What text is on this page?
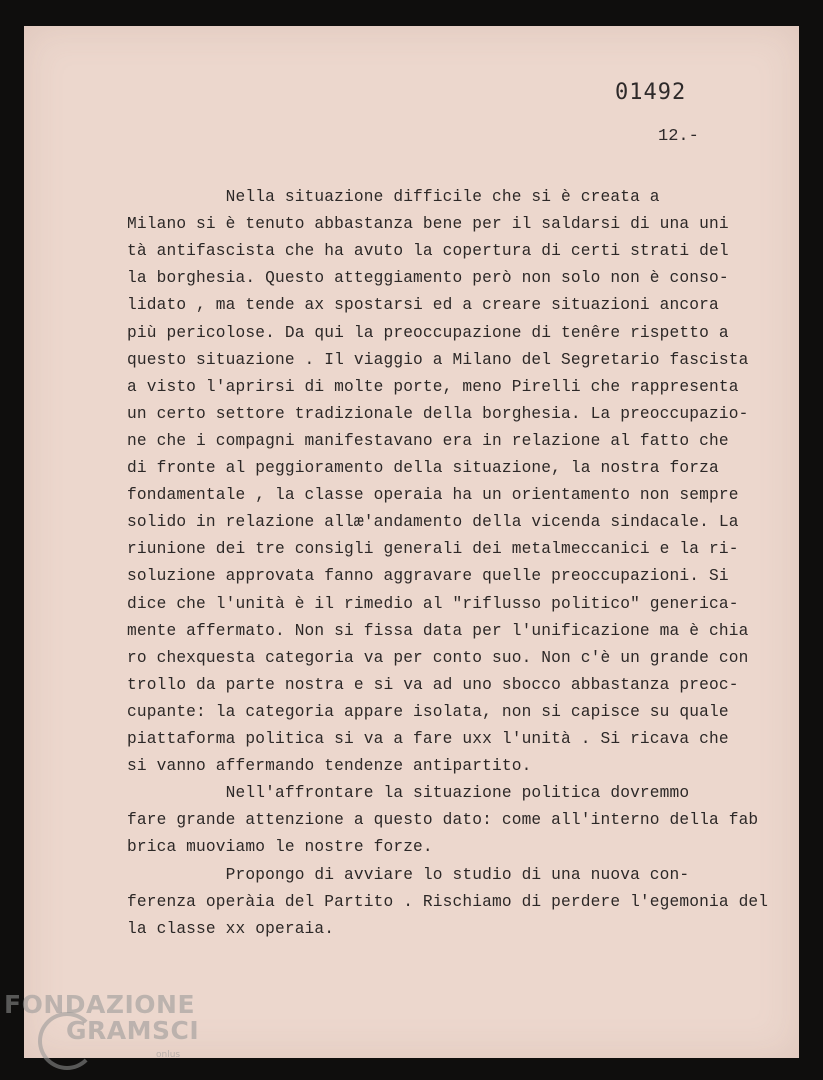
01492
12.-
Nella situazione difficile che si è creata a
Milano si è tenuto abbastanza bene per il saldarsi di una uni
tà antifascista che ha avuto la copertura di certi strati del
la borghesia. Questo atteggiamento però non solo non è conso-
lidato , ma tende ax spostarsi ed a creare situazioni ancora
più pericolose. Da qui la preoccupazione di tenêre rispetto a
questo situazione . Il viaggio a Milano del Segretario fascista
a visto l'aprirsi di molte porte, meno Pirelli che rappresenta
un certo settore tradizionale della borghesia. La preoccupazio-
ne che i compagni manifestavano era in relazione al fatto che
di fronte al peggioramento della situazione, la nostra forza
fondamentale , la classe operaia ha un orientamento non sempre
solido in relazione allæ'andamento della vicenda sindacale. La
riunione dei tre consigli generali dei metalmeccanici e la ri-
soluzione approvata fanno aggravare quelle preoccupazioni. Si
dice che l'unità è il rimedio al "riflusso politico" generica-
mente affermato. Non si fissa data per l'unificazione ma è chia
ro chexquesta categoria va per conto suo. Non c'è un grande con
trollo da parte nostra e si va ad uno sbocco abbastanza preoc-
cupante: la categoria appare isolata, non si capisce su quale
piattaforma politica si va a fare uxx l'unità . Si ricava che
si vanno affermando tendenze antipartito.
Nell'affrontare la situazione politica dovremmo
fare grande attenzione a questo dato: come all'interno della fab
brica muoviamo le nostre forze.
Propongo di avviare lo studio di una nuova con-
ferenza operàia del Partito . Rischiamo di perdere l'egemonia del
la classe xx operaia.
FONDAZIONE
GRAMSCI
onlus
